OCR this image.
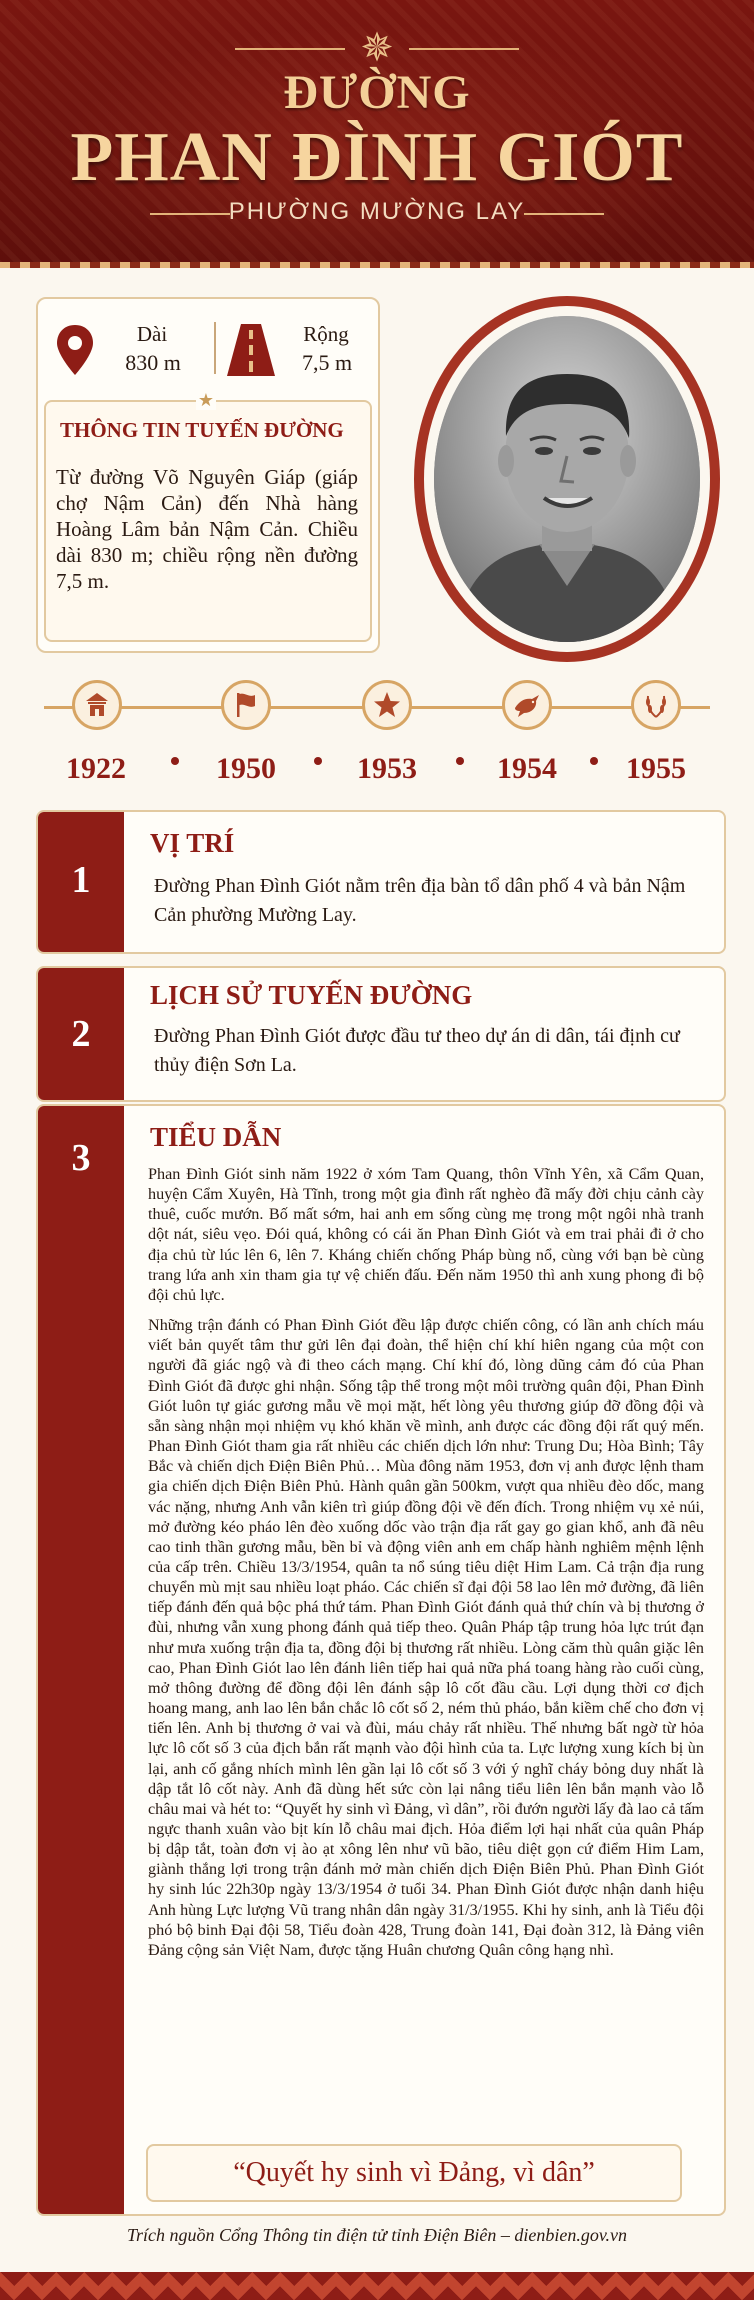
✵
ĐƯỜNG
PHAN ĐÌNH GIÓT
PHƯỜNG MƯỜNG LAY
Dài
830 m
Rộng
7,5 m
★
THÔNG TIN TUYẾN ĐƯỜNG
Từ đường Võ Nguyên Giáp (giáp chợ Nậm Cản) đến Nhà hàng Hoàng Lâm bản Nậm Cản. Chiều dài 830 m; chiều rộng nền đường 7,5 m.
1922	1950	1953	1954	1955
1
VỊ TRÍ
Đường Phan Đình Giót nằm trên địa bàn tổ dân phố 4 và bản Nậm Cản phường Mường Lay.
2
LỊCH SỬ TUYẾN ĐƯỜNG
Đường Phan Đình Giót được đầu tư theo dự án di dân, tái định cư thủy điện Sơn La.
3	TIỂU DẪN

Phan Đình Giót sinh năm 1922 ở xóm Tam Quang, thôn Vĩnh Yên, xã Cẩm Quan, huyện Cẩm Xuyên, Hà Tĩnh, trong một gia đình rất nghèo đã mấy đời chịu cảnh cày thuê, cuốc mướn. Bố mất sớm, hai anh em sống cùng mẹ trong một ngôi nhà tranh dột nát, siêu vẹo. Đói quá, không có cái ăn Phan Đình Giót và em trai phải đi ở cho địa chủ từ lúc lên 6, lên 7. Kháng chiến chống Pháp bùng nổ, cùng với bạn bè cùng trang lứa anh xin tham gia tự vệ chiến đấu. Đến năm 1950 thì anh xung phong đi bộ đội chủ lực.

Những trận đánh có Phan Đình Giót đều lập được chiến công, có lần anh chích máu viết bản quyết tâm thư gửi lên đại đoàn, thể hiện chí khí hiên ngang của một con người đã giác ngộ và đi theo cách mạng. Chí khí đó, lòng dũng cảm đó của Phan Đình Giót đã được ghi nhận. Sống tập thể trong một môi trường quân đội, Phan Đình Giót luôn tự giác gương mẫu về mọi mặt, hết lòng yêu thương giúp đỡ đồng đội và sẵn sàng nhận mọi nhiệm vụ khó khăn về mình, anh được các đồng đội rất quý mến. Phan Đình Giót tham gia rất nhiều các chiến dịch lớn như: Trung Du; Hòa Bình; Tây Bắc và chiến dịch Điện Biên Phủ… Mùa đông năm 1953, đơn vị anh được lệnh tham gia chiến dịch Điện Biên Phủ. Hành quân gần 500km, vượt qua nhiều đèo dốc, mang vác nặng, nhưng Anh vẫn kiên trì giúp đồng đội về đến đích. Trong nhiệm vụ xẻ núi, mở đường kéo pháo lên đèo xuống dốc vào trận địa rất gay go gian khổ, anh đã nêu cao tinh thần gương mẫu, bền bỉ và động viên anh em chấp hành nghiêm mệnh lệnh của cấp trên. Chiều 13/3/1954, quân ta nổ súng tiêu diệt Him Lam. Cả trận địa rung chuyển mù mịt sau nhiều loạt pháo. Các chiến sĩ đại đội 58 lao lên mở đường, đã liên tiếp đánh đến quả bộc phá thứ tám. Phan Đình Giót đánh quả thứ chín và bị thương ở đùi, nhưng vẫn xung phong đánh quả tiếp theo. Quân Pháp tập trung hỏa lực trút đạn như mưa xuống trận địa ta, đồng đội bị thương rất nhiều. Lòng căm thù quân giặc lên cao, Phan Đình Giót lao lên đánh liên tiếp hai quả nữa phá toang hàng rào cuối cùng, mở thông đường để đồng đội lên đánh sập lô cốt đầu cầu. Lợi dụng thời cơ địch hoang mang, anh lao lên bắn chắc lô cốt số 2, ném thủ pháo, bắn kiềm chế cho đơn vị tiến lên. Anh bị thương ở vai và đùi, máu chảy rất nhiều. Thế nhưng bất ngờ từ hỏa lực lô cốt số 3 của địch bắn rất mạnh vào đội hình của ta. Lực lượng xung kích bị ùn lại, anh cố gắng nhích mình lên gần lại lô cốt số 3 với ý nghĩ cháy bỏng duy nhất là dập tắt lô cốt này. Anh đã dùng hết sức còn lại nâng tiểu liên lên bắn mạnh vào lỗ châu mai và hét to: “Quyết hy sinh vì Đảng, vì dân”, rồi đướn người lấy đà lao cả tấm ngực thanh xuân vào bịt kín lỗ châu mai địch. Hỏa điểm lợi hại nhất của quân Pháp bị dập tắt, toàn đơn vị ào ạt xông lên như vũ bão, tiêu diệt gọn cứ điểm Him Lam, giành thắng lợi trong trận đánh mở màn chiến dịch Điện Biên Phủ. Phan Đình Giót hy sinh lúc 22h30p ngày 13/3/1954 ở tuổi 34. Phan Đình Giót được nhận danh hiệu Anh hùng Lực lượng Vũ trang nhân dân ngày 31/3/1955. Khi hy sinh, anh là Tiểu đội phó bộ binh Đại đội 58, Tiểu đoàn 428, Trung đoàn 141, Đại đoàn 312, là Đảng viên Đảng cộng sản Việt Nam, được tặng Huân chương Quân công hạng nhì.

“Quyết hy sinh vì Đảng, vì dân”
Trích nguồn Cổng Thông tin điện tử tỉnh Điện Biên – dienbien.gov.vn
